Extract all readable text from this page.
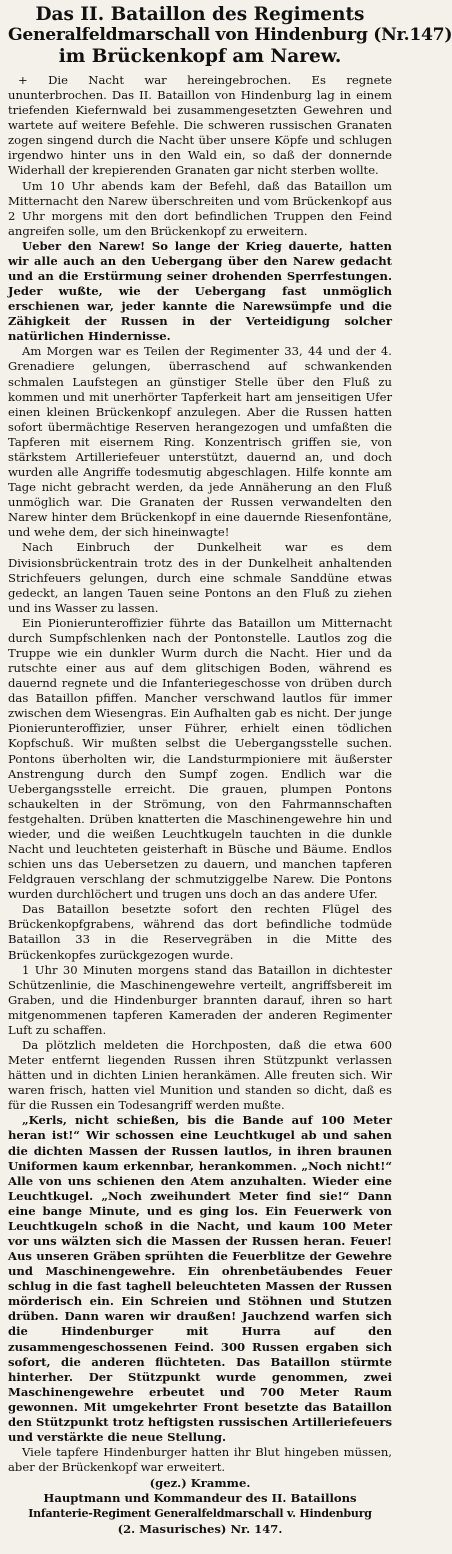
Das II. Bataillon des Regiments
Generalfeldmarschall von Hindenburg (Nr.147)
im Brückenkopf am Narew.

+ Die Nacht war hereingebrochen. Es regnete ununterbrochen. Das II. Bataillon von Hindenburg lag in einem triefenden Kiefernwald bei zusammengesetzten Gewehren und wartete auf weitere Befehle. Die schweren russischen Granaten zogen singend durch die Nacht über unsere Köpfe und schlugen irgendwo hinter uns in den Wald ein, so daß der donnernde Widerhall der krepierenden Granaten gar nicht sterben wollte.

Um 10 Uhr abends kam der Befehl, daß das Bataillon um Mitternacht den Narew überschreiten und vom Brückenkopf aus 2 Uhr morgens mit den dort befindlichen Truppen den Feind angreifen solle, um den Brückenkopf zu erweitern.

Ueber den Narew! So lange der Krieg dauerte, hatten wir alle auch an den Uebergang über den Narew gedacht und an die Erstürmung seiner drohenden Sperrfestungen. Jeder wußte, wie der Uebergang fast unmöglich erschienen war, jeder kannte die Narewsümpfe und die Zähigkeit der Russen in der Verteidigung solcher natürlichen Hindernisse.

Am Morgen war es Teilen der Regimenter 33, 44 und der 4. Grenadiere gelungen, überraschend auf schwankenden schmalen Laufstegen an günstiger Stelle über den Fluß zu kommen und mit unerhörter Tapferkeit hart am jenseitigen Ufer einen kleinen Brückenkopf anzulegen. Aber die Russen hatten sofort übermächtige Reserven herangezogen und umfaßten die Tapferen mit eisernem Ring. Konzentrisch griffen sie, von stärkstem Artilleriefeuer unterstützt, dauernd an, und doch wurden alle Angriffe todesmutig abgeschlagen. Hilfe konnte am Tage nicht gebracht werden, da jede Annäherung an den Fluß unmöglich war. Die Granaten der Russen verwandelten den Narew hinter dem Brückenkopf in eine dauernde Riesenfontäne, und wehe dem, der sich hineinwagte!

Nach Einbruch der Dunkelheit war es dem Divisionsbrückentrain trotz des in der Dunkelheit anhaltenden Strichfeuers gelungen, durch eine schmale Sanddüne etwas gedeckt, an langen Tauen seine Pontons an den Fluß zu ziehen und ins Wasser zu lassen.

Ein Pionierunteroffizier führte das Bataillon um Mitternacht durch Sumpfschlenken nach der Pontonstelle. Lautlos zog die Truppe wie ein dunkler Wurm durch die Nacht. Hier und da rutschte einer aus auf dem glitschigen Boden, während es dauernd regnete und die Infanteriegeschosse von drüben durch das Bataillon pfiffen. Mancher verschwand lautlos für immer zwischen dem Wiesengras. Ein Aufhalten gab es nicht. Der junge Pionierunteroffizier, unser Führer, erhielt einen tödlichen Kopfschuß. Wir mußten selbst die Uebergangsstelle suchen. Pontons überholten wir, die Landsturmpioniere mit äußerster Anstrengung durch den Sumpf zogen. Endlich war die Uebergangsstelle erreicht. Die grauen, plumpen Pontons schaukelten in der Strömung, von den Fahrmannschaften festgehalten. Drüben knatterten die Maschinengewehre hin und wieder, und die weißen Leuchtkugeln tauchten in die dunkle Nacht und leuchteten geisterhaft in Büsche und Bäume. Endlos schien uns das Uebersetzen zu dauern, und manchen tapferen Feldgrauen verschlang der schmutziggelbe Narew. Die Pontons wurden durchlöchert und trugen uns doch an das andere Ufer.

Das Bataillon besetzte sofort den rechten Flügel des Brückenkopfgrabens, während das dort befindliche todmüde Bataillon 33 in die Reservegräben in die Mitte des Brückenkopfes zurückgezogen wurde.

1 Uhr 30 Minuten morgens stand das Bataillon in dichtester Schützenlinie, die Maschinengewehre verteilt, angriffsbereit im Graben, und die Hindenburger brannten darauf, ihren so hart mitgenommenen tapferen Kameraden der anderen Regimenter Luft zu schaffen.

Da plötzlich meldeten die Horchposten, daß die etwa 600 Meter entfernt liegenden Russen ihren Stützpunkt verlassen hätten und in dichten Linien herankämen. Alle freuten sich. Wir waren frisch, hatten viel Munition und standen so dicht, daß es für die Russen ein Todesangriff werden mußte.

„Kerls, nicht schießen, bis die Bande auf 100 Meter heran ist!“ Wir schossen eine Leuchtkugel ab und sahen die dichten Massen der Russen lautlos, in ihren braunen Uniformen kaum erkennbar, herankommen. „Noch nicht!“ Alle von uns schienen den Atem anzuhalten. Wieder eine Leuchtkugel. „Noch zweihundert Meter find sie!“ Dann eine bange Minute, und es ging los. Ein Feuerwerk von Leuchtkugeln schoß in die Nacht, und kaum 100 Meter vor uns wälzten sich die Massen der Russen heran. Feuer! Aus unseren Gräben sprühten die Feuerblitze der Gewehre und Maschinengewehre. Ein ohrenbetäubendes Feuer schlug in die fast taghell beleuchteten Massen der Russen mörderisch ein. Ein Schreien und Stöhnen und Stutzen drüben. Dann waren wir draußen! Jauchzend warfen sich die Hindenburger mit Hurra auf den zusammengeschossenen Feind. 300 Russen ergaben sich sofort, die anderen flüchteten. Das Bataillon stürmte hinterher. Der Stützpunkt wurde genommen, zwei Maschinengewehre erbeutet und 700 Meter Raum gewonnen. Mit umgekehrter Front besetzte das Bataillon den Stützpunkt trotz heftigsten russischen Artilleriefeuers und verstärkte die neue Stellung.

Viele tapfere Hindenburger hatten ihr Blut hingeben müssen, aber der Brückenkopf war erweitert.

(gez.) Kramme.
Hauptmann und Kommandeur des II. Bataillons
Infanterie-Regiment Generalfeldmarschall v. Hindenburg
(2. Masurisches) Nr. 147.
